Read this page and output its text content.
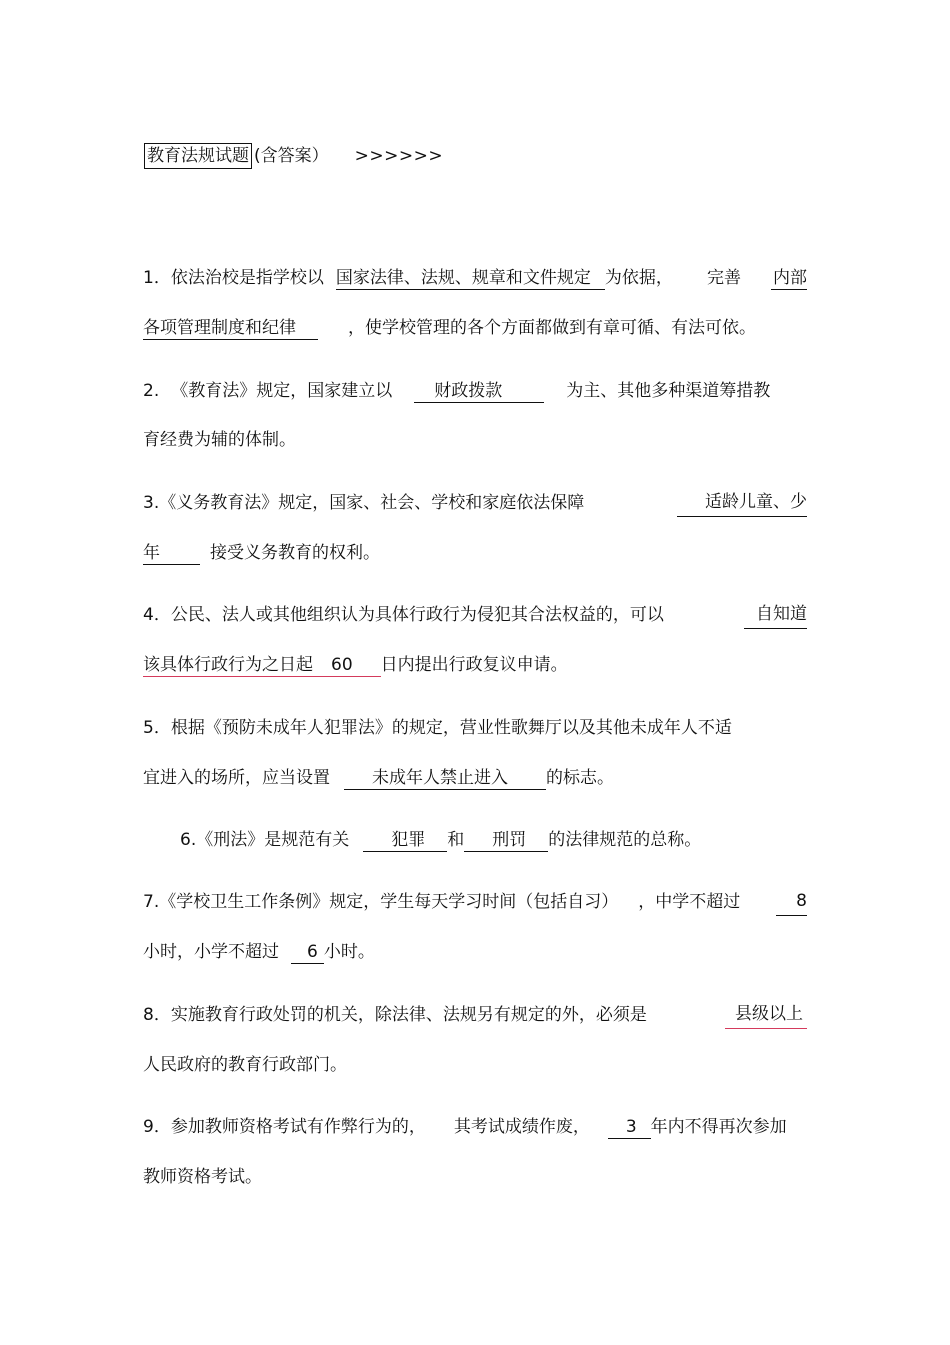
教育法规试题 (含答案） >>>>>>
1．依法治校是指学校以 国家法律、法规、规章和文件规定 为依据， 完善 内部
各项管理制度和纪律	，使学校管理的各个方面都做到有章可循、有法可依。
2. 《教育法》规定，国家建立以 财政拨款	为主、其他多种渠道筹措教
育经费为辅的体制。
3.《义务教育法》规定，国家、社会、学校和家庭依法保障	适龄儿童、少
年	接受义务教育的权利。
4．公民、法人或其他组织认为具体行政行为侵犯其合法权益的，可以	自知道
该具体行政行为之日起 60 日内提出行政复议申请。
5．根据《预防未成年人犯罪法》的规定，营业性歌舞厅以及其他未成年人不适
宜进入的场所，应当设置 未成年人禁止进入 的标志。
6.《刑法》是规范有关 犯罪 和 刑罚 的法律规范的总称。
7.《学校卫生工作条例》规定，学生每天学习时间（包括自习） ，中学不超过	8
小时，小学不超过 6 小时。
8．实施教育行政处罚的机关，除法律、法规另有规定的外，必须是	县级以上
人民政府的教育行政部门。
9．参加教师资格考试有作弊行为的， 其考试成绩作废， 3 年内不得再次参加
教师资格考试。
